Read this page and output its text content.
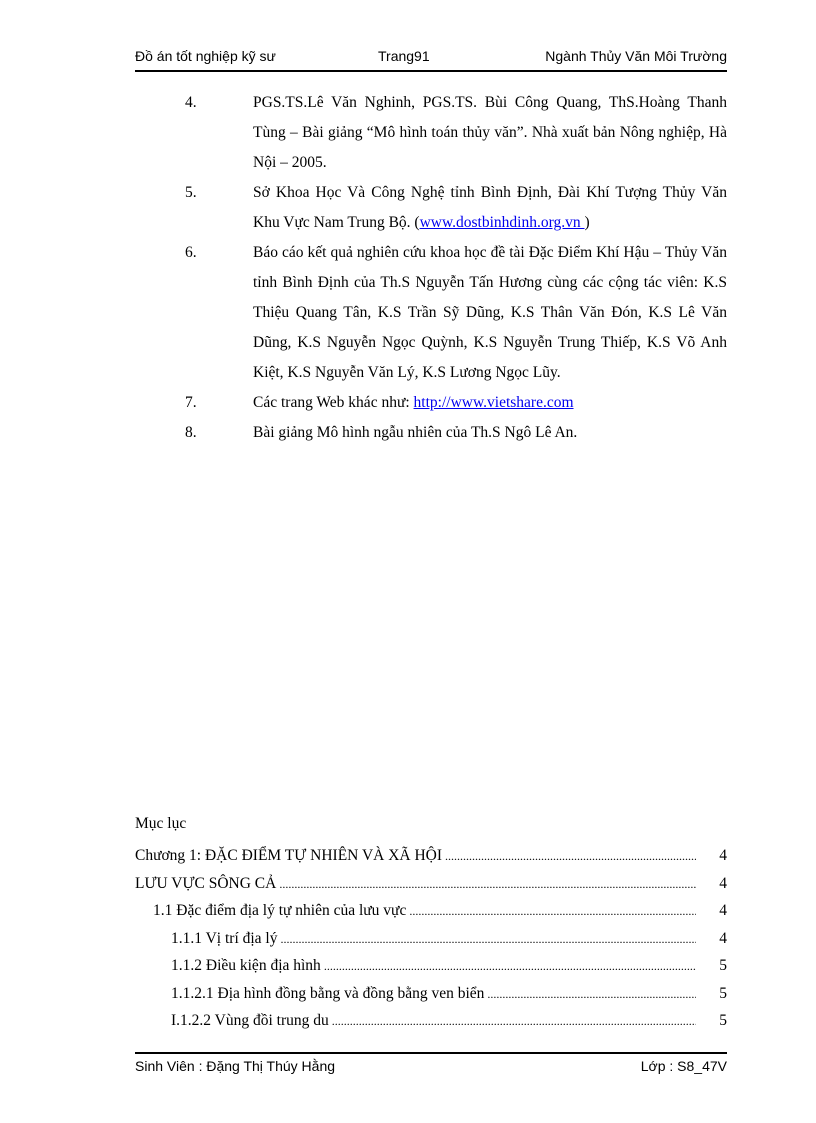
Đồ án tốt nghiệp kỹ sư	Trang91	Ngành Thủy Văn Môi Trường

4.	PGS.TS.Lê Văn Nghinh, PGS.TS. Bùi Công Quang, ThS.Hoàng Thanh Tùng – Bài giảng “Mô hình toán thủy văn”. Nhà xuất bản Nông nghiệp, Hà Nội – 2005.

5.	Sở Khoa Học Và Công Nghệ tỉnh Bình Định, Đài Khí Tượng Thủy Văn Khu Vực Nam Trung Bộ. (www.dostbinhdinh.org.vn )

6.	Báo cáo kết quả nghiên cứu khoa học đề tài Đặc Điểm Khí Hậu – Thủy Văn tỉnh Bình Định của Th.S Nguyễn Tấn Hương cùng các cộng tác viên: K.S Thiệu Quang Tân, K.S Trần Sỹ Dũng, K.S Thân Văn Đón, K.S Lê Văn Dũng, K.S Nguyễn Ngọc Quỳnh, K.S Nguyễn Trung Thiếp, K.S Võ Anh Kiệt, K.S Nguyễn Văn Lý, K.S Lương Ngọc Lũy.

7.	Các trang Web khác như: http://www.vietshare.com

8.	Bài giảng Mô hình ngẫu nhiên của Th.S Ngô Lê An.

Mục lục
Chương 1: ĐẶC ĐIỂM TỰ NHIÊN VÀ XÃ HỘI .....	4
LƯU VỰC SÔNG CẢ .....	4
1.1 Đặc điểm địa lý tự nhiên của lưu vực .....	4
1.1.1 Vị trí địa lý .....	4
1.1.2 Điều kiện địa hình .....	5
1.1.2.1 Địa hình đồng bằng và đồng bằng ven biển .....	5
I.1.2.2 Vùng đồi trung du .....	5
Sinh Viên : Đặng Thị Thúy Hằng	Lớp : S8_47V
